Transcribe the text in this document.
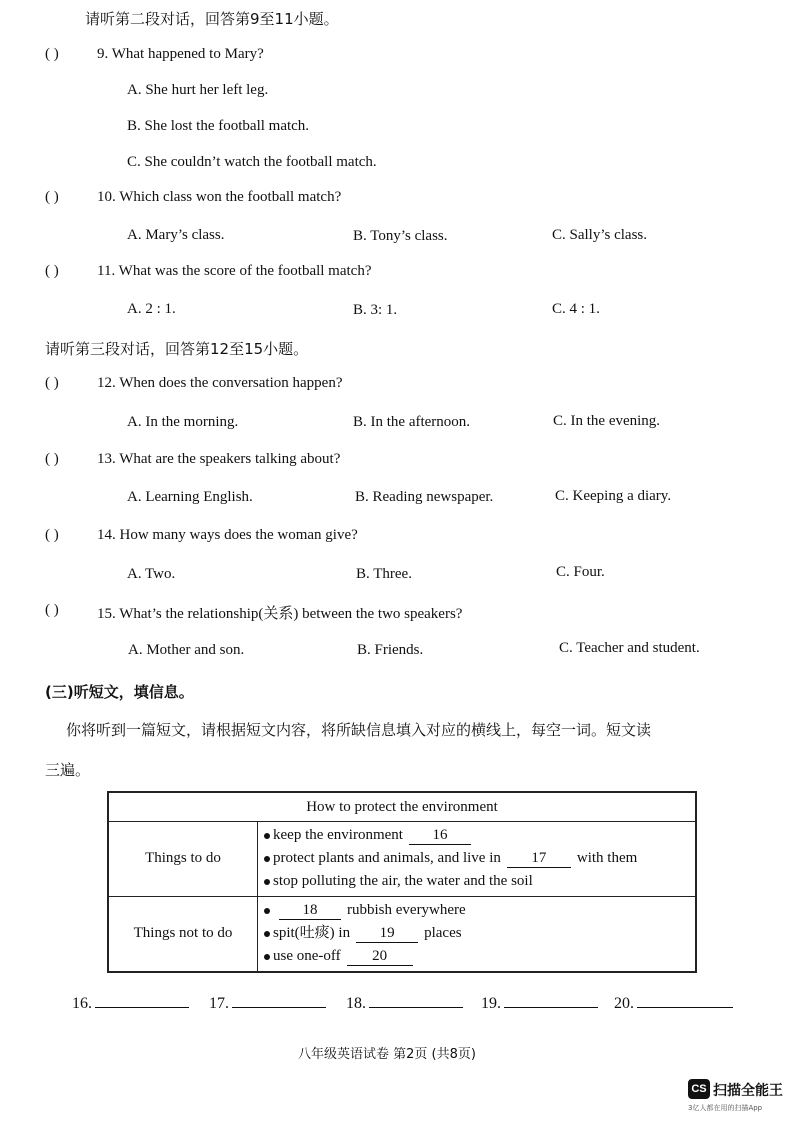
请听第二段对话，回答第9至11小题。
( )	9. What happened to Mary?
A. She hurt her left leg.
B. She lost the football match.
C. She couldn’t watch the football match.
( )	10. Which class won the football match?
A. Mary’s class.	B. Tony’s class.	C. Sally’s class.
( )	11. What was the score of the football match?
A. 2 : 1.	B. 3: 1.	C. 4 : 1.
请听第三段对话，回答第12至15小题。
( )	12. When does the conversation happen?
A. In the morning.	B. In the afternoon.	C. In the evening.
( )	13. What are the speakers talking about?
A. Learning English.	B. Reading newspaper.	C. Keeping a diary.
( )	14. How many ways does the woman give?
A. Two.	B. Three.	C. Four.
( )	15. What’s the relationship(关系) between the two speakers?
A. Mother and son.	B. Friends.	C. Teacher and student.
(三)听短文，填信息。
你将听到一篇短文，请根据短文内容，将所缺信息填入对应的横线上，每空一词。短文读
三遍。
How to protect the environment	
Things to do	keep the environment 16
protect plants and animals, and live in 17 with them
stop polluting the air, the water and the soil

Things not to do	18 rubbish everywhere
spit(吐痰) in 19 places
use one-off 20
16.	17.	18.	19.	20.
八年级英语试卷 第2页 (共8页)
CS 扫描全能王
3亿人都在用的扫描App
